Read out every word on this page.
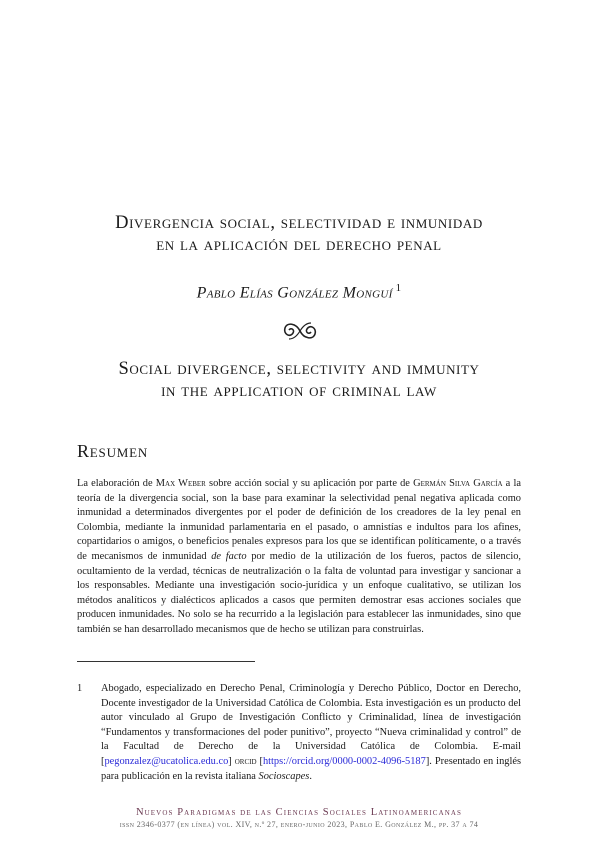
Divergencia social, selectividad e inmunidad
en la aplicación del derecho penal
Pablo Elías González Monguí $^1$
Social divergence, selectivity and immunity
in the application of criminal law
Resumen

La elaboración de Max Weber sobre acción social y su aplicación por parte de Germán Silva García a la teoría de la divergencia social, son la base para examinar la selectividad penal negativa aplicada como inmunidad a determinados divergentes por el poder de definición de los creadores de la ley penal en Colombia, mediante la inmunidad parlamentaria en el pasado, o amnistías e indultos para los afines, copartidarios o amigos, o beneficios penales expresos para los que se identifican políticamente, o a través de mecanismos de inmunidad de facto por medio de la utilización de los fueros, pactos de silencio, ocultamiento de la verdad, técnicas de neutralización o la falta de voluntad para investigar y sancionar a los responsables. Mediante una investigación socio-jurídica y un enfoque cualitativo, se utilizan los métodos analíticos y dialécticos aplicados a casos que permiten demostrar esas acciones sociales que producen inmunidades. No solo se ha recurrido a la legislación para establecer las inmunidades, sino que también se han desarrollado mecanismos que de hecho se utilizan para construirlas.

1	Abogado, especializado en Derecho Penal, Criminología y Derecho Público, Doctor en Derecho, Docente investigador de la Universidad Católica de Colombia. Esta investigación es un producto del autor vinculado al Grupo de Investigación Conflicto y Criminalidad, línea de investigación “Fundamentos y transformaciones del poder punitivo”, proyecto “Nueva criminalidad y control” de la Facultad de Derecho de la Universidad Católica de Colombia. E-mail [pegonzalez@ucatolica.edu.co] orcid [https://orcid.org/0000-0002-4096-5187]. Presentado en inglés para publicación en la revista italiana Socioscapes.
Nuevos Paradigmas de las Ciencias Sociales Latinoamericanas
issn 2346-0377 (en línea) vol. XIV, n.º 27, enero-junio 2023, Pablo E. González M., pp. 37 a 74
